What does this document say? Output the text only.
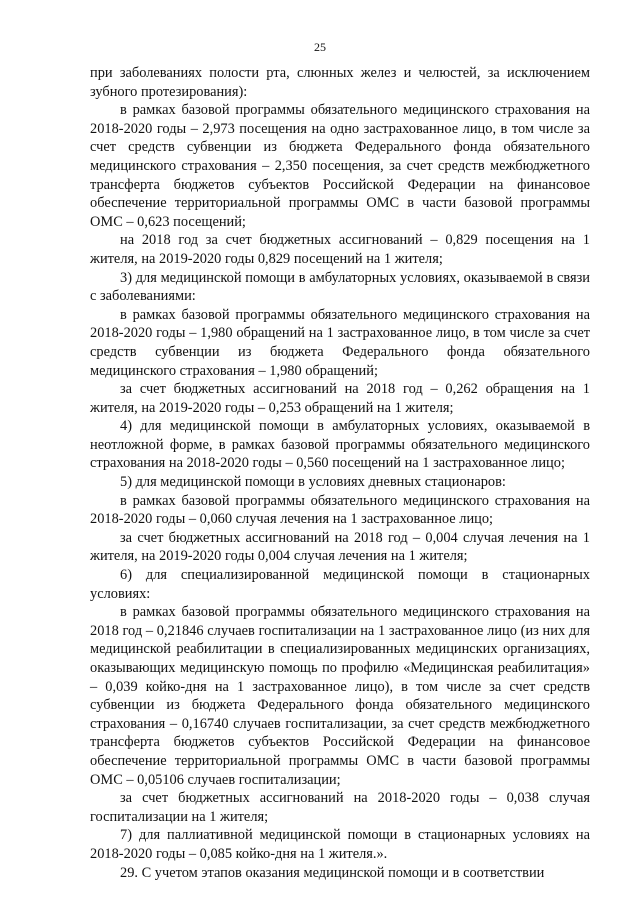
25

при заболеваниях полости рта, слюнных желез и челюстей, за исключением зубного протезирования):

в рамках базовой программы обязательного медицинского страхования на 2018-2020 годы – 2,973 посещения на одно застрахованное лицо, в том числе за счет средств субвенции из бюджета Федерального фонда обязательного медицинского страхования – 2,350 посещения, за счет средств межбюджетного трансферта бюджетов субъектов Российской Федерации на финансовое обеспечение территориальной программы ОМС в части базовой программы ОМС – 0,623 посещений;

на 2018 год за счет бюджетных ассигнований – 0,829 посещения на 1 жителя, на 2019-2020 годы 0,829 посещений на 1 жителя;

3) для медицинской помощи в амбулаторных условиях, оказываемой в связи с заболеваниями:

в рамках базовой программы обязательного медицинского страхования на 2018-2020 годы – 1,980 обращений на 1 застрахованное лицо, в том числе за счет средств субвенции из бюджета Федерального фонда обязательного медицинского страхования – 1,980 обращений;

за счет бюджетных ассигнований на 2018 год – 0,262 обращения на 1 жителя, на 2019-2020 годы – 0,253 обращений на 1 жителя;

4) для медицинской помощи в амбулаторных условиях, оказываемой в неотложной форме, в рамках базовой программы обязательного медицинского страхования на 2018-2020 годы – 0,560 посещений на 1 застрахованное лицо;

5) для медицинской помощи в условиях дневных стационаров:

в рамках базовой программы обязательного медицинского страхования на 2018-2020 годы – 0,060 случая лечения на 1 застрахованное лицо;

за счет бюджетных ассигнований на 2018 год – 0,004 случая лечения на 1 жителя, на 2019-2020 годы 0,004 случая лечения на 1 жителя;

6) для специализированной медицинской помощи в стационарных условиях:

в рамках базовой программы обязательного медицинского страхования на 2018 год – 0,21846 случаев госпитализации на 1 застрахованное лицо (из них для медицинской реабилитации в специализированных медицинских организациях, оказывающих медицинскую помощь по профилю «Медицинская реабилитация» – 0,039 койко-дня на 1 застрахованное лицо), в том числе за счет средств субвенции из бюджета Федерального фонда обязательного медицинского страхования – 0,16740 случаев госпитализации, за счет средств межбюджетного трансферта бюджетов субъектов Российской Федерации на финансовое обеспечение территориальной программы ОМС в части базовой программы ОМС – 0,05106 случаев госпитализации;

за счет бюджетных ассигнований на 2018-2020 годы – 0,038 случая госпитализации на 1 жителя;

7) для паллиативной медицинской помощи в стационарных условиях на 2018-2020 годы – 0,085 койко-дня на 1 жителя.».

29. С учетом этапов оказания медицинской помощи и в соответствии
